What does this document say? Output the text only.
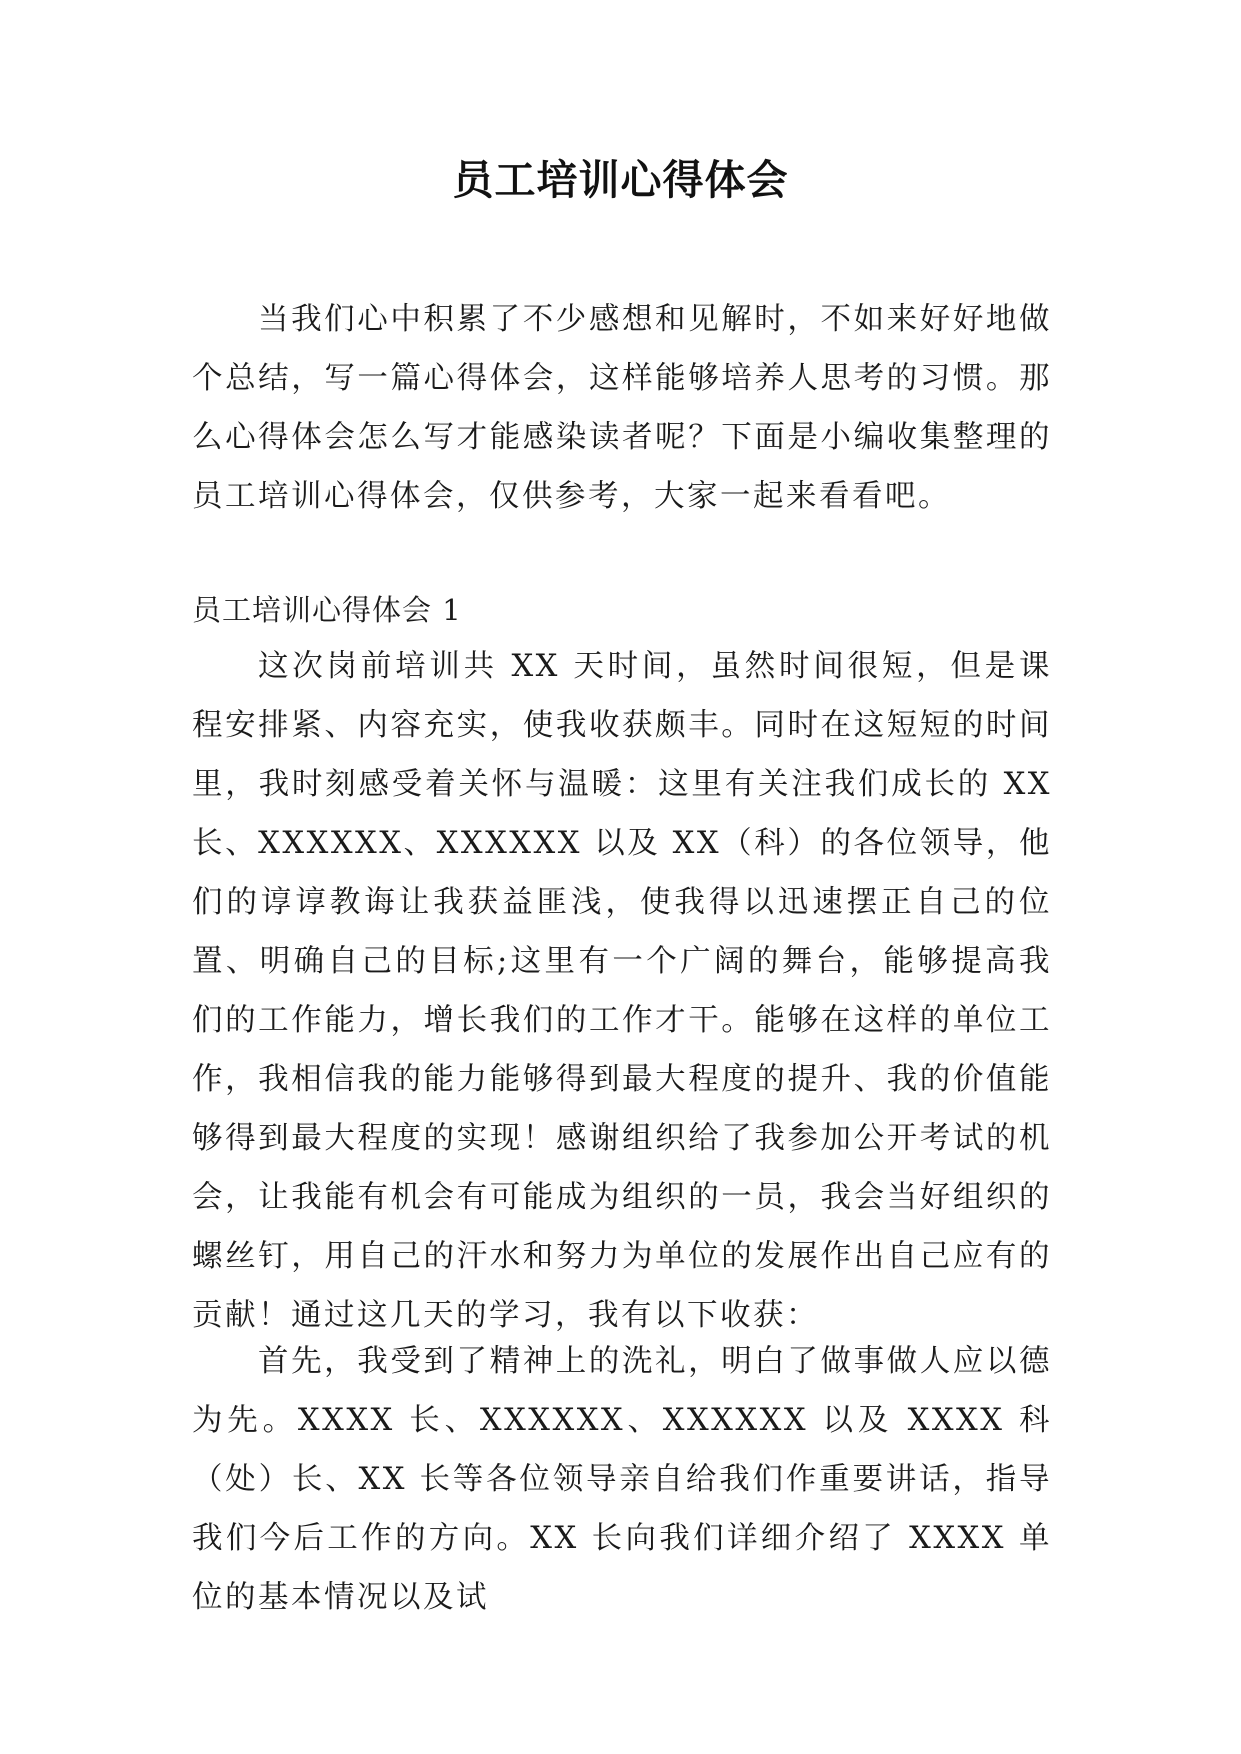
员工培训心得体会

当我们心中积累了不少感想和见解时，不如来好好地做个总结，写一篇心得体会，这样能够培养人思考的习惯。那么心得体会怎么写才能感染读者呢？下面是小编收集整理的员工培训心得体会，仅供参考，大家一起来看看吧。

员工培训心得体会 1

这次岗前培训共 XX 天时间，虽然时间很短，但是课程安排紧、内容充实，使我收获颇丰。同时在这短短的时间里，我时刻感受着关怀与温暖：这里有关注我们成长的 XX 长、XXXXXX、XXXXXX 以及 XX（科）的各位领导，他们的谆谆教诲让我获益匪浅，使我得以迅速摆正自己的位置、明确自己的目标;这里有一个广阔的舞台，能够提高我们的工作能力，增长我们的工作才干。能够在这样的单位工作，我相信我的能力能够得到最大程度的提升、我的价值能够得到最大程度的实现！感谢组织给了我参加公开考试的机会，让我能有机会有可能成为组织的一员，我会当好组织的螺丝钉，用自己的汗水和努力为单位的发展作出自己应有的贡献！通过这几天的学习，我有以下收获：

首先，我受到了精神上的洗礼，明白了做事做人应以德为先。XXXX 长、XXXXXX、XXXXXX 以及 XXXX 科（处）长、XX 长等各位领导亲自给我们作重要讲话，指导我们今后工作的方向。XX 长向我们详细介绍了 XXXX 单位的基本情况以及试
